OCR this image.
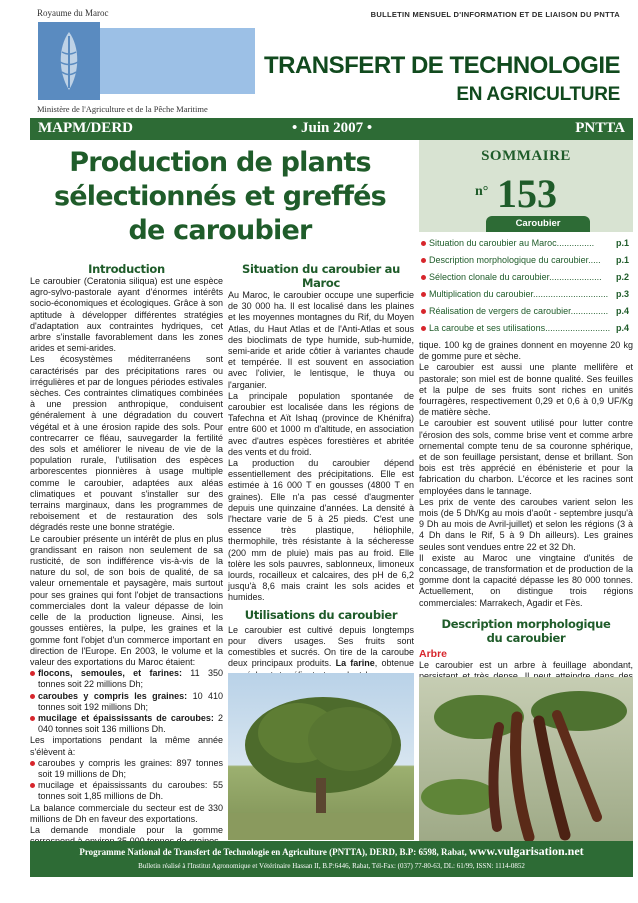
Royaume du Maroc	BULLETIN MENSUEL D'INFORMATION ET DE LIAISON DU PNTTA
TRANSFERT DE TECHNOLOGIE
EN AGRICULTURE
Ministère de l'Agriculture et de la Pêche Maritime
MAPM/DERD	• Juin 2007 •	PNTTA
Production de plants
sélectionnés et greffés
de caroubier
SOMMAIRE
n° 153
Caroubier
Situation du caroubier au Maroc............... p.1
Description morphologique du caroubier..... p.1
Sélection clonale du caroubier..................... p.2
Multiplication du caroubier.............................. p.3
Réalisation de vergers de caroubier............... p.4
La caroube et ses utilisations.......................... p.4
Introduction

Le caroubier (Ceratonia siliqua) est une espèce agro-sylvo-pastorale ayant d'énormes intérêts socio-économiques et écologiques. Grâce à son aptitude à développer différentes stratégies d'adaptation aux contraintes hydriques, cet arbre s'installe favorablement dans les zones arides et semi-arides.

Les écosystèmes méditerranéens sont caractérisés par des précipitations rares ou irrégulières et par de longues périodes estivales sèches. Ces contraintes climatiques combinées à une pression anthropique, conduisent généralement à une dégradation du couvert végétal et à une érosion rapide des sols. Pour contrecarrer ce fléau, sauvegarder la fertilité des sols et améliorer le niveau de vie de la population rurale, l'utilisation des espèces arborescentes pionnières à usage multiple comme le caroubier, adaptées aux aléas climatiques et pouvant s'installer sur des terrains marginaux, dans les programmes de reboisement et de restauration des sols dégradés reste une bonne stratégie.

Le caroubier présente un intérêt de plus en plus grandissant en raison non seulement de sa rusticité, de son indifférence vis-à-vis de la nature du sol, de son bois de qualité, de sa valeur ornementale et paysagère, mais surtout pour ses graines qui font l'objet de transactions commerciales dont la valeur dépasse de loin celle de la production ligneuse. Ainsi, les gousses entières, la pulpe, les graines et la gomme font l'objet d'un commerce important en direction de l'Europe. En 2003, le volume et la valeur des exportations du Maroc étaient:

flocons, semoules, et farines: 11 350 tonnes soit 22 millions Dh;
caroubes y compris les graines: 10 410 tonnes soit 192 millions Dh;
mucilage et épaississants de caroubes: 2 040 tonnes soit 136 millions Dh.

Les importations pendant la même année s'élèvent à:

caroubes y compris les graines: 897 tonnes soit 19 millions de Dh;
mucilage et épaississants du caroubes: 55 tonnes soit 1,85 millions de Dh.

La balance commerciale du secteur est de 330 millions de Dh en faveur des exportations.

La demande mondiale pour la gomme

Situation du caroubier au Maroc

Au Maroc, le caroubier occupe une superficie de 30 000 ha. Il est localisé dans les plaines et les moyennes montagnes du Rif, du Moyen Atlas, du Haut Atlas et de l'Anti-Atlas et sous des bioclimats de type humide, sub-humide, semi-aride et aride côtier à variantes chaude et tempérée. Il est souvent en association avec l'olivier, le lentisque, le thuya ou l'arganier.

La principale population spontanée de caroubier est localisée dans les régions de Tafechna et Aït Ishaq (province de Khénifra) entre 600 et 1000 m d'altitude, en association avec d'autres espèces forestières et abritée des vents et du froid.

La production du caroubier dépend essentiellement des précipitations. Elle est estimée à 16 000 T en gousses (4800 T en graines). Elle n'a pas cessé d'augmenter depuis une quinzaine d'années. La densité à l'hectare varie de 5 à 25 pieds. C'est une essence très plastique, héliophile, thermophile, très résistante à la sécheresse (200 mm de pluie) mais pas au froid. Elle tolère les sols pauvres, sablonneux, limoneux lourds, rocailleux et calcaires, des pH de 6,2 jusqu'à 8,6 mais craint les sols acides et humides.

Utilisations du caroubier

Le caroubier est cultivé depuis longtemps pour divers usages. Ses fruits sont comestibles et sucrés. On tire de la caroube deux principaux produits. La farine, obtenue

tique. 100 kg de graines donnent en moyenne 20 kg de gomme pure et sèche.

Le caroubier est aussi une plante mellifère et pastorale; son miel est de bonne qualité. Ses feuilles et la pulpe de ses fruits sont riches en unités fourragères, respectivement 0,29 et 0,6 à 0,9 UF/Kg de matière sèche.

Le caroubier est souvent utilisé pour lutter contre l'érosion des sols, comme brise vent et comme arbre ornemental compte tenu de sa couronne sphérique, et de son feuillage persistant, dense et brillant. Son bois est très apprécié en ébénisterie et pour la fabrication du charbon. L'écorce et les racines sont employées dans le tannage.

Les prix de vente des caroubes varient selon les mois (de 5 Dh/Kg au mois d'août - septembre jusqu'à 9 Dh au mois de Avril-juillet) et selon les régions (3 à 4 Dh dans le Rif, 5 à 9 Dh ailleurs). Les graines seules sont vendues entre 22 et 32 Dh.

Il existe au Maroc une vingtaine d'unités de concassage, de transformation et de production de la gomme dont la capacité dépasse les 80 000 tonnes. Actuellement, on distingue trois régions commerciales: Marrakech, Agadir et Fès.

Description morphologique du caroubier
Arbre

Le caroubier est un arbre à feuillage abondant,

Programme National de Transfert de Technologie en Agriculture (PNTTA), DERD, B.P: 6598, Rabat, www.vulgarisation.net
Bulletin réalisé à l'Institut Agronomique et Vétérinaire Hassan II, B.P:6446, Rabat, Tél-Fax: (037) 77-80-63, DL: 61/99, ISSN: 1114-0852
